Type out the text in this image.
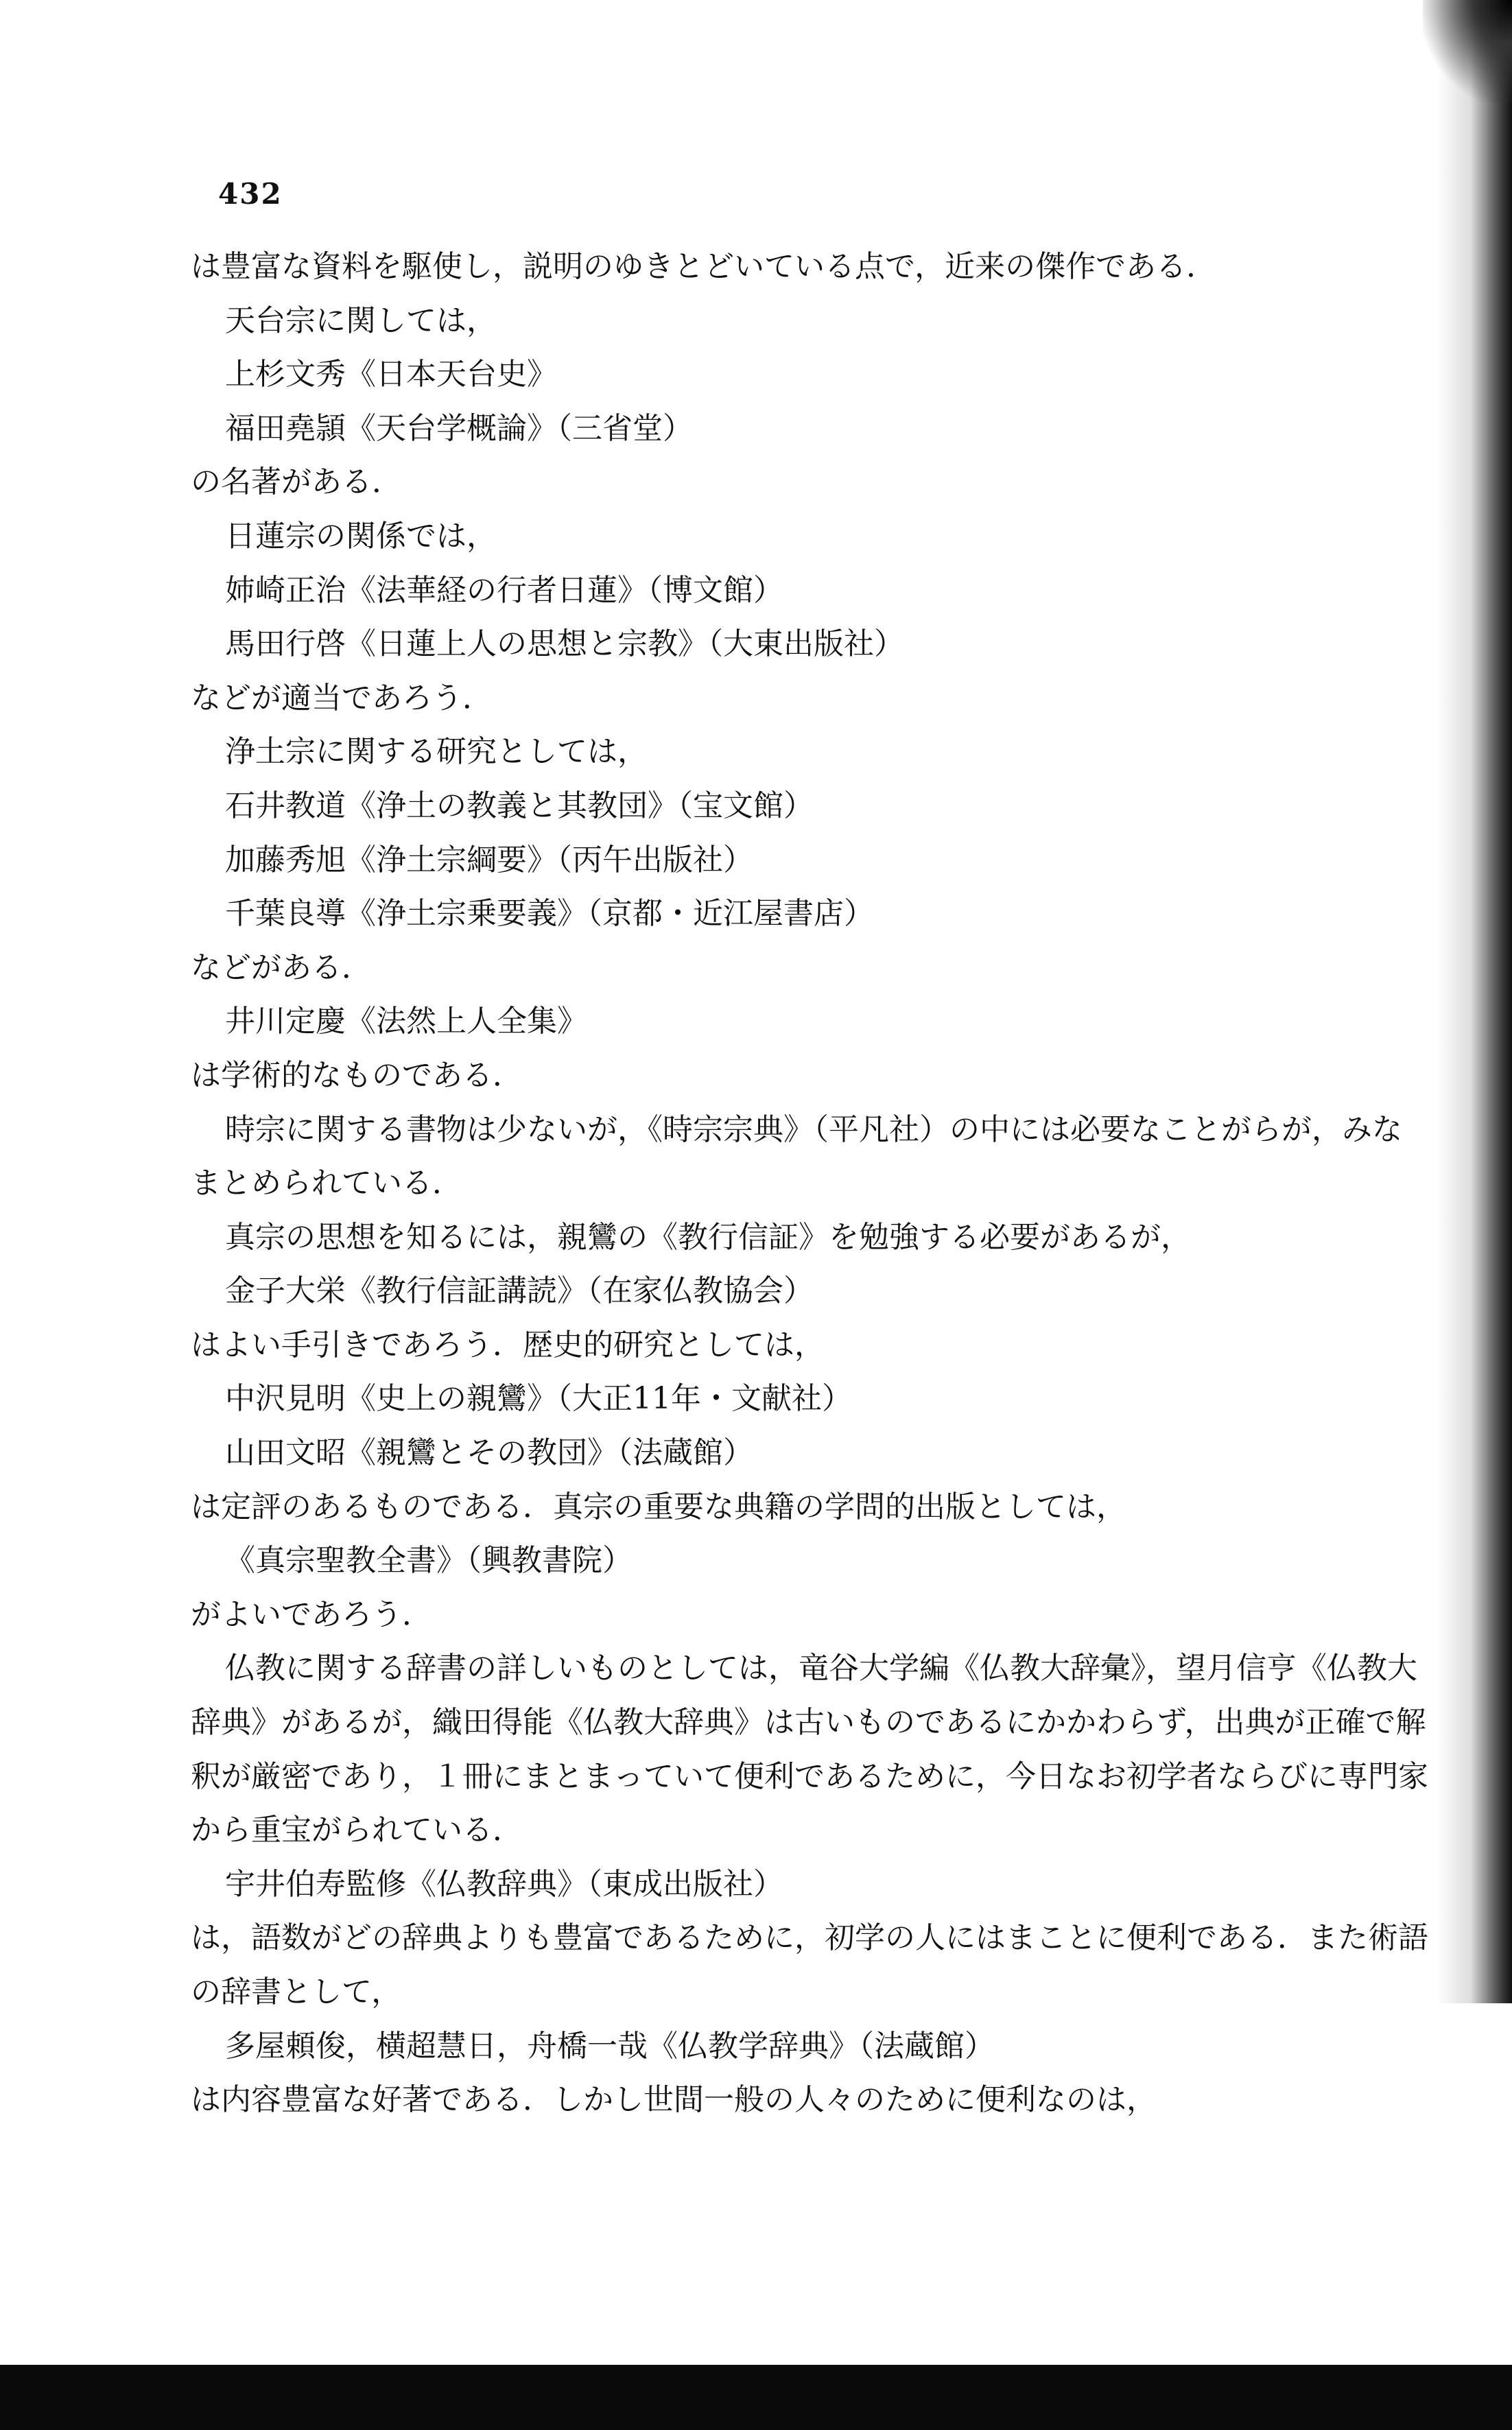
432
は豊富な資料を駆使し，説明のゆきとどいている点で，近来の傑作である．
天台宗に関しては，
上杉文秀《日本天台史》
福田堯頴《天台学概論》（三省堂）
の名著がある．
日蓮宗の関係では，
姉崎正治《法華経の行者日蓮》（博文館）
馬田行啓《日蓮上人の思想と宗教》（大東出版社）
などが適当であろう．
浄土宗に関する研究としては，
石井教道《浄土の教義と其教団》（宝文館）
加藤秀旭《浄土宗綱要》（丙午出版社）
千葉良導《浄土宗乗要義》（京都・近江屋書店）
などがある．
井川定慶《法然上人全集》
は学術的なものである．
時宗に関する書物は少ないが，《時宗宗典》（平凡社）の中には必要なことがらが，みな
まとめられている．
真宗の思想を知るには，親鸞の《教行信証》を勉強する必要があるが，
金子大栄《教行信証講読》（在家仏教協会）
はよい手引きであろう．歴史的研究としては，
中沢見明《史上の親鸞》（大正11年・文献社）
山田文昭《親鸞とその教団》（法蔵館）
は定評のあるものである．真宗の重要な典籍の学問的出版としては，
《真宗聖教全書》（興教書院）
がよいであろう．
仏教に関する辞書の詳しいものとしては，竜谷大学編《仏教大辞彙》，望月信亨《仏教大
辞典》があるが，織田得能《仏教大辞典》は古いものであるにかかわらず，出典が正確で解
釈が厳密であり，１冊にまとまっていて便利であるために，今日なお初学者ならびに専門家
から重宝がられている．
宇井伯寿監修《仏教辞典》（東成出版社）
は，語数がどの辞典よりも豊富であるために，初学の人にはまことに便利である．また術語
の辞書として，
多屋頼俊，横超慧日，舟橋一哉《仏教学辞典》（法蔵館）
は内容豊富な好著である．しかし世間一般の人々のために便利なのは，
